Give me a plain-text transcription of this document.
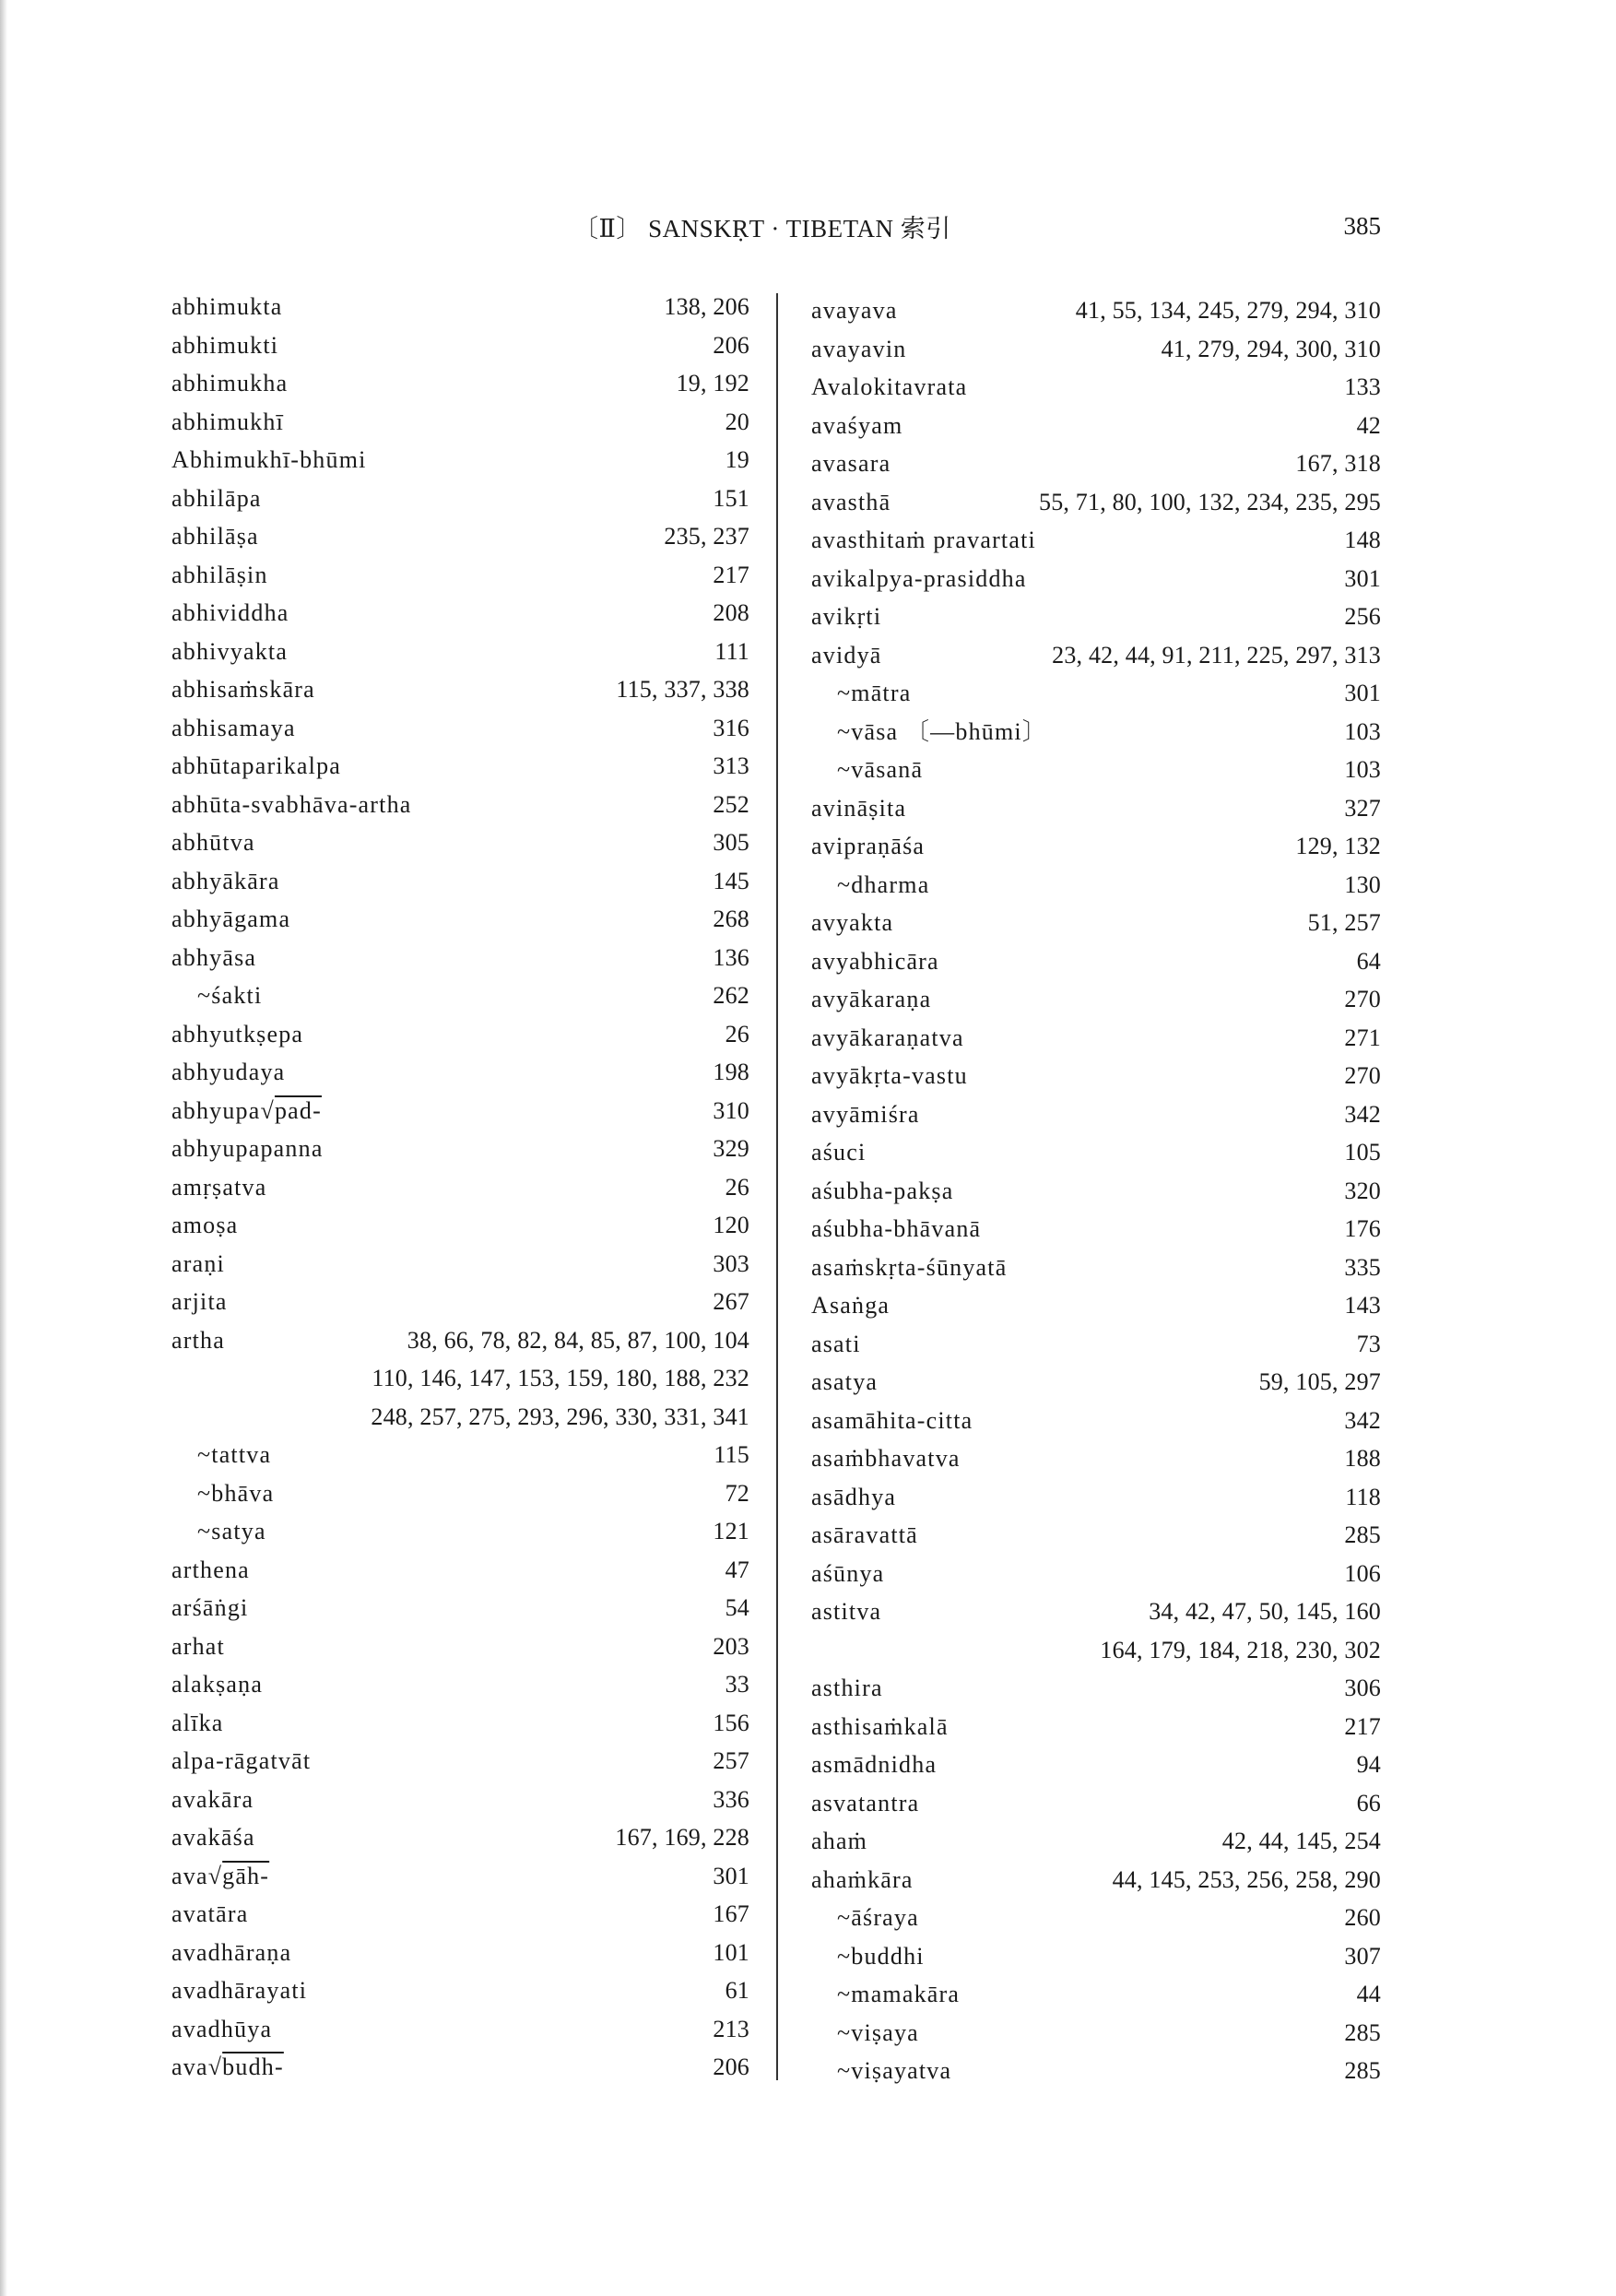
〔Ⅱ〕 SANSKṚT · TIBETAN 索引	385
abhimukta	138, 206
abhimukti	206
abhimukha	19, 192
abhimukhī	20
Abhimukhī-bhūmi	19
abhilāpa	151
abhilāṣa	235, 237
abhilāṣin	217
abhividdha	208
abhivyakta	111
abhisaṁskāra	115, 337, 338
abhisamaya	316
abhūtaparikalpa	313
abhūta-svabhāva-artha	252
abhūtva	305
abhyākāra	145
abhyāgama	268
abhyāsa	136
~śakti	262
abhyutkṣepa	26
abhyudaya	198
abhyupa√pad-	310
abhyupapanna	329
amṛṣatva	26
amoṣa	120
araṇi	303
arjita	267
artha	38, 66, 78, 82, 84, 85, 87, 100, 104
110, 146, 147, 153, 159, 180, 188, 232
248, 257, 275, 293, 296, 330, 331, 341
~tattva	115
~bhāva	72
~satya	121
arthena	47
arśāṅgi	54
arhat	203
alakṣaṇa	33
alīka	156
alpa-rāgatvāt	257
avakāra	336
avakāśa	167, 169, 228
ava√gāh-	301
avatāra	167
avadhāraṇa	101
avadhārayati	61
avadhūya	213
ava√budh-	206
avayava	41, 55, 134, 245, 279, 294, 310
avayavin	41, 279, 294, 300, 310
Avalokitavrata	133
avaśyam	42
avasara	167, 318
avasthā	55, 71, 80, 100, 132, 234, 235, 295
avasthitaṁ pravartati	148
avikalpya-prasiddha	301
avikṛti	256
avidyā	23, 42, 44, 91, 211, 225, 297, 313
~mātra	301
~vāsa 〔—bhūmi〕	103
~vāsanā	103
avināṣita	327
avipraṇāśa	129, 132
~dharma	130
avyakta	51, 257
avyabhicāra	64
avyākaraṇa	270
avyākaraṇatva	271
avyākṛta-vastu	270
avyāmiśra	342
aśuci	105
aśubha-pakṣa	320
aśubha-bhāvanā	176
asaṁskṛta-śūnyatā	335
Asaṅga	143
asati	73
asatya	59, 105, 297
asamāhita-citta	342
asaṁbhavatva	188
asādhya	118
asāravattā	285
aśūnya	106
astitva	34, 42, 47, 50, 145, 160
164, 179, 184, 218, 230, 302
asthira	306
asthisaṁkalā	217
asmādnidha	94
asvatantra	66
ahaṁ	42, 44, 145, 254
ahaṁkāra	44, 145, 253, 256, 258, 290
~āśraya	260
~buddhi	307
~mamakāra	44
~viṣaya	285
~viṣayatva	285
